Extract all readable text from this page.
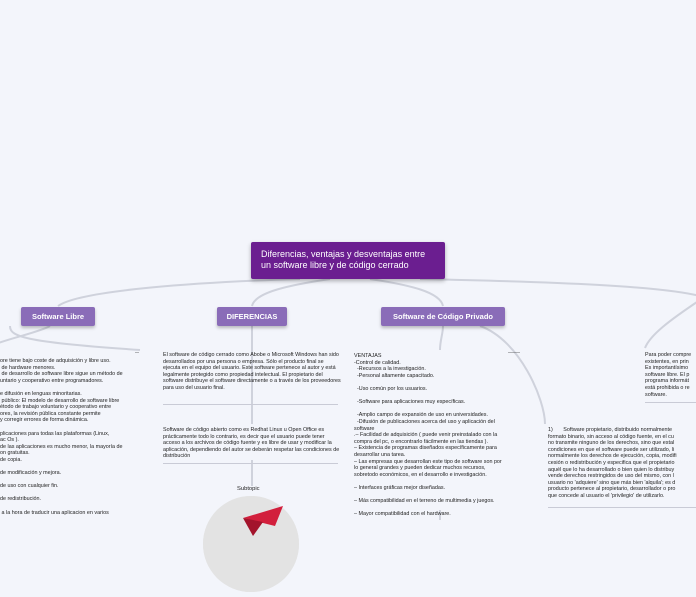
Diferencias, ventajas y desventajas entre un software libre y de código cerrado
Software Libre	DIFERENCIAS	Software de Código Privado
--
ore tiene bajo coste de adquisición y libre uso.
de hardware menores.
de desarrollo de software libre sigue un método de
untario y cooperativo entre programadores.

e difusión en lenguas minoritarias.
público: El modelo de desarrollo de software libre
étodo de trabajo voluntario y cooperativo entre
ores, la revisión pública constante permite
y corregir errores de forma dinámica.

plicaciones para todas las plataformas (Linux,
ac Os ).
de las aplicaciones es mucho menor, la mayoría de
on gratuitas.
de copia.

de modificación y mejora.

de uso con cualquier fin.

de redistribución.

a la hora de traducir una aplicacion en varios
El software de código cerrado como Abobe o Microsoft Windows han sido desarrollados por una persona o empresa. Sólo el producto final se ejecuta en el equipo del usuario. Este software pertenece al autor y está legalmente protegido como propiedad intelectual. El propietario del software distribuye el software directamente o a través de los proveedores para uso del usuario final.
Software de código abierto como es Redhat Linux u Open Office es prácticamente todo lo contrario, es decir que el usuario puede tener acceso a los archivos de código fuente y es libre de usar y modificar la aplicación, dependiendo del autor se deberán respetar las condiciones de distribución
Subtopic
------
VENTAJAS
-Control de calidad.
-Recursos a la investigación.
-Personal altamente capacitado.

-Uso común por los usuarios.

-Software para aplicaciones muy específicas.

-Amplio campo de expansión de uso en universidades.
-Difusión de publicaciones acerca del uso y aplicación del
software
.– Facilidad de adquisición ( puede venir preinstalado con la
compra del pc, o encontrarlo fácilmente en las tiendas ).
– Existencia de programas diseñados específicamente para
desarrollar una tarea.
– Las empresas que desarrollan este tipo de software son por
lo general grandes y pueden dedicar muchos recursos,
sobretodo económicos, en el desarrollo e investigación.

– Interfaces gráficas mejor diseñadas.

– Más compatibilidad en el terreno de multimedia y juegos.

– Mayor compatibilidad con el hardware.
Para poder compre
existentes, en prin
Es importantísimo
software libre. El p
programa informát
está prohibida o re
software.
1)       Software propietario, distribuido normalmente
formato binario, sin acceso al código fuente, en el cu
no transmite ninguno de los derechos, sino que estal
condiciones en que el software puede ser utilizado, li
normalmente los derechos de ejecución, copia, modifi
cesión o redistribución y especifica que el propietario
aquél que lo ha desarrollado o bien quien lo distribuy
vende derechos restringidos de uso del mismo, con l
usuario no 'adquiere' sino que más bien 'alquila'; es d
producto pertenece al propietario, desarrollador o pro
que concede al usuario el 'privilegio' de utilizarlo.
